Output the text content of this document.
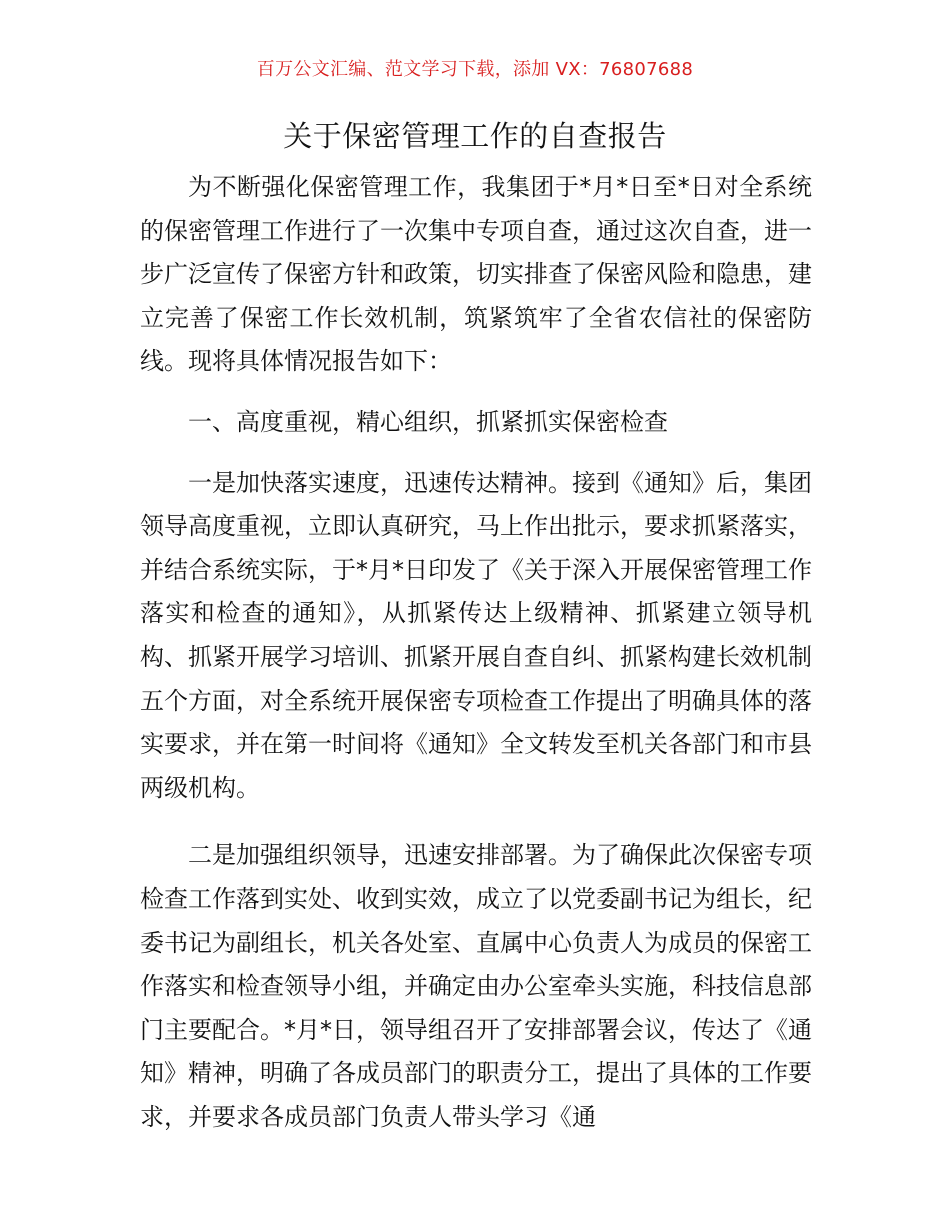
百万公文汇编、范文学习下载，添加 VX：76807688
关于保密管理工作的自查报告

为不断强化保密管理工作，我集团于*月*日至*日对全系统的保密管理工作进行了一次集中专项自查，通过这次自查，进一步广泛宣传了保密方针和政策，切实排查了保密风险和隐患，建立完善了保密工作长效机制，筑紧筑牢了全省农信社的保密防线。现将具体情况报告如下：

一、高度重视，精心组织，抓紧抓实保密检查

一是加快落实速度，迅速传达精神。接到《通知》后，集团领导高度重视，立即认真研究，马上作出批示，要求抓紧落实，并结合系统实际，于*月*日印发了《关于深入开展保密管理工作落实和检查的通知》，从抓紧传达上级精神、抓紧建立领导机构、抓紧开展学习培训、抓紧开展自查自纠、抓紧构建长效机制五个方面，对全系统开展保密专项检查工作提出了明确具体的落实要求，并在第一时间将《通知》全文转发至机关各部门和市县两级机构。

二是加强组织领导，迅速安排部署。为了确保此次保密专项检查工作落到实处、收到实效，成立了以党委副书记为组长，纪委书记为副组长，机关各处室、直属中心负责人为成员的保密工作落实和检查领导小组，并确定由办公室牵头实施，科技信息部门主要配合。*月*日，领导组召开了安排部署会议，传达了《通知》精神，明确了各成员部门的职责分工，提出了具体的工作要求，并要求各成员部门负责人带头学习《通
